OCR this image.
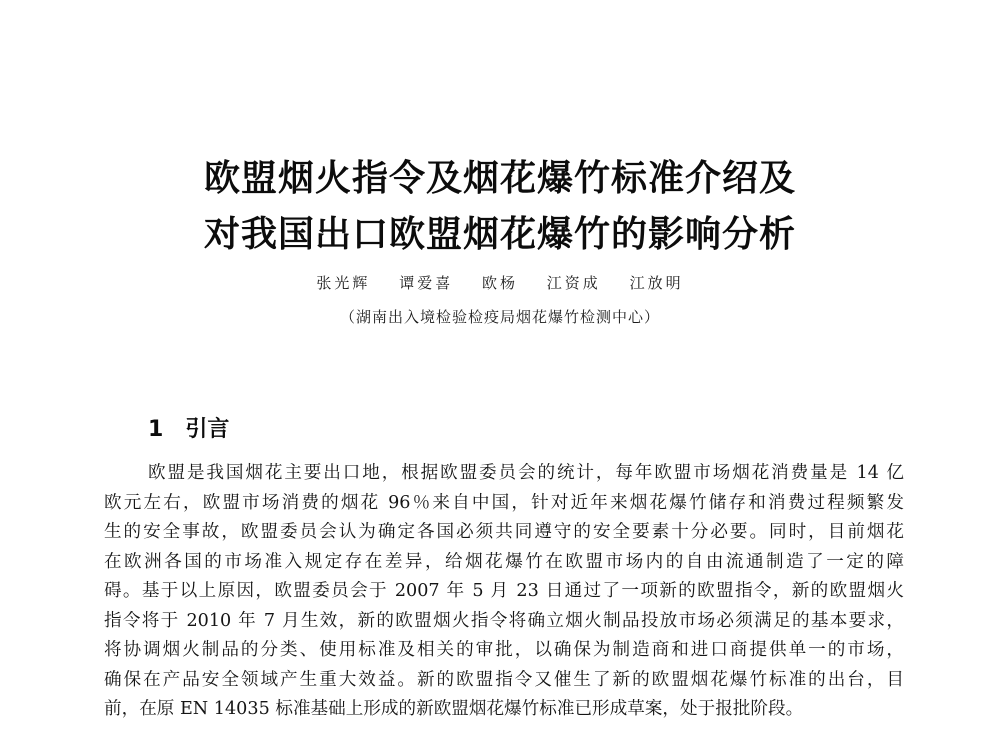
欧盟烟火指令及烟花爆竹标准介绍及
对我国出口欧盟烟花爆竹的影响分析
张光辉 谭爱喜 欧杨 江资成 江放明
（湖南出入境检验检疫局烟花爆竹检测中心）
1 引言
欧盟是我国烟花主要出口地，根据欧盟委员会的统计，每年欧盟市场烟花消费量是 14 亿
欧元左右，欧盟市场消费的烟花 96％来自中国，针对近年来烟花爆竹储存和消费过程频繁发
生的安全事故，欧盟委员会认为确定各国必须共同遵守的安全要素十分必要。同时，目前烟花
在欧洲各国的市场准入规定存在差异，给烟花爆竹在欧盟市场内的自由流通制造了一定的障
碍。基于以上原因，欧盟委员会于 2007 年 5 月 23 日通过了一项新的欧盟指令，新的欧盟烟火
指令将于 2010 年 7 月生效，新的欧盟烟火指令将确立烟火制品投放市场必须满足的基本要求，
将协调烟火制品的分类、使用标准及相关的审批，以确保为制造商和进口商提供单一的市场，
确保在产品安全领域产生重大效益。新的欧盟指令又催生了新的欧盟烟花爆竹标准的出台，目
前，在原 EN 14035 标准基础上形成的新欧盟烟花爆竹标准已形成草案，处于报批阶段。
